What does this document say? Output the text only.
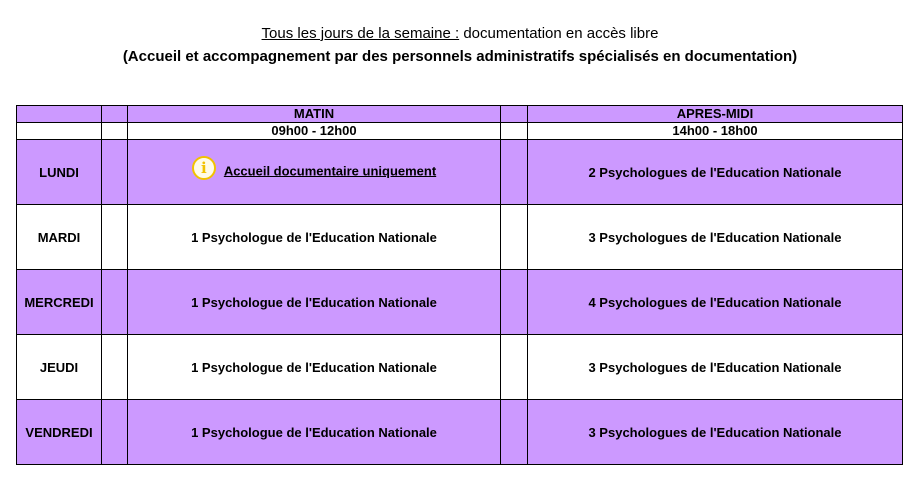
Tous les jours de la semaine : documentation en accès libre
(Accueil et accompagnement par des personnels administratifs spécialisés en documentation)
		MATIN		APRES-MIDI
		09h00 - 12h00		14h00 - 18h00
LUNDI		i Accueil documentaire uniquement		2 Psychologues de l'Education Nationale
MARDI		1 Psychologue de l'Education Nationale		3 Psychologues de l'Education Nationale
MERCREDI		1 Psychologue de l'Education Nationale		4 Psychologues de l'Education Nationale
JEUDI		1 Psychologue de l'Education Nationale		3 Psychologues de l'Education Nationale
VENDREDI		1 Psychologue de l'Education Nationale		3 Psychologues de l'Education Nationale
